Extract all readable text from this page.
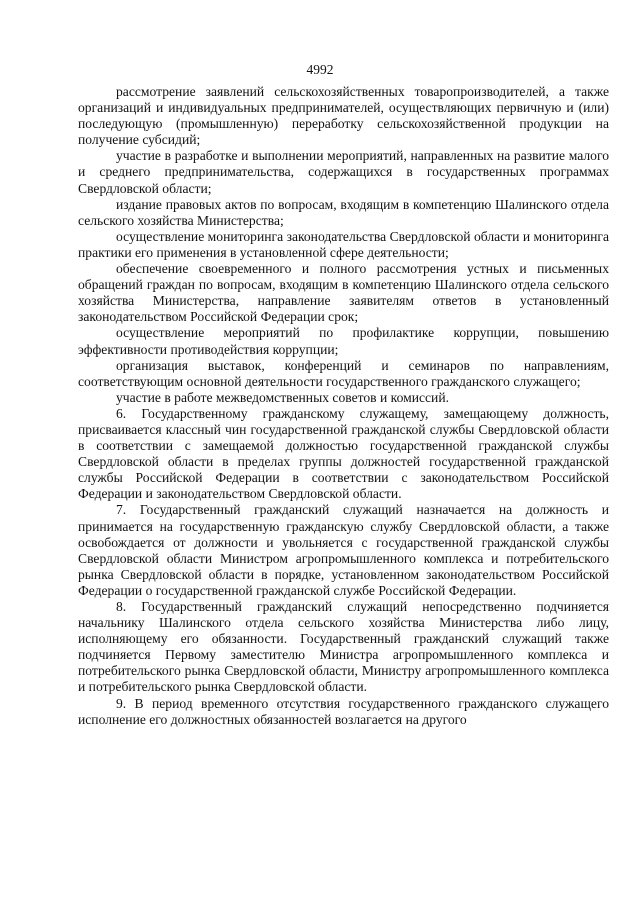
4992

рассмотрение заявлений сельскохозяйственных товаропроизводителей, а также организаций и индивидуальных предпринимателей, осуществляющих первичную и (или) последующую (промышленную) переработку сельскохозяйственной продукции на получение субсидий;

участие в разработке и выполнении мероприятий, направленных на развитие малого и среднего предпринимательства, содержащихся в государственных программах Свердловской области;

издание правовых актов по вопросам, входящим в компетенцию Шалинского отдела сельского хозяйства Министерства;

осуществление мониторинга законодательства Свердловской области и мониторинга практики его применения в установленной сфере деятельности;

обеспечение своевременного и полного рассмотрения устных и письменных обращений граждан по вопросам, входящим в компетенцию Шалинского отдела сельского хозяйства Министерства, направление заявителям ответов в установленный законодательством Российской Федерации срок;

осуществление мероприятий по профилактике коррупции, повышению эффективности противодействия коррупции;

организация выставок, конференций и семинаров по направлениям, соответствующим основной деятельности государственного гражданского служащего;

участие в работе межведомственных советов и комиссий.

6. Государственному гражданскому служащему, замещающему должность, присваивается классный чин государственной гражданской службы Свердловской области в соответствии с замещаемой должностью государственной гражданской службы Свердловской области в пределах группы должностей государственной гражданской службы Российской Федерации в соответствии с законодательством Российской Федерации и законодательством Свердловской области.

7. Государственный гражданский служащий назначается на должность и принимается на государственную гражданскую службу Свердловской области, а также освобождается от должности и увольняется с государственной гражданской службы Свердловской области Министром агропромышленного комплекса и потребительского рынка Свердловской области в порядке, установленном законодательством Российской Федерации о государственной гражданской службе Российской Федерации.

8. Государственный гражданский служащий непосредственно подчиняется начальнику Шалинского отдела сельского хозяйства Министерства либо лицу, исполняющему его обязанности. Государственный гражданский служащий также подчиняется Первому заместителю Министра агропромышленного комплекса и потребительского рынка Свердловской области, Министру агропромышленного комплекса и потребительского рынка Свердловской области.

9. В период временного отсутствия государственного гражданского служащего исполнение его должностных обязанностей возлагается на другого
